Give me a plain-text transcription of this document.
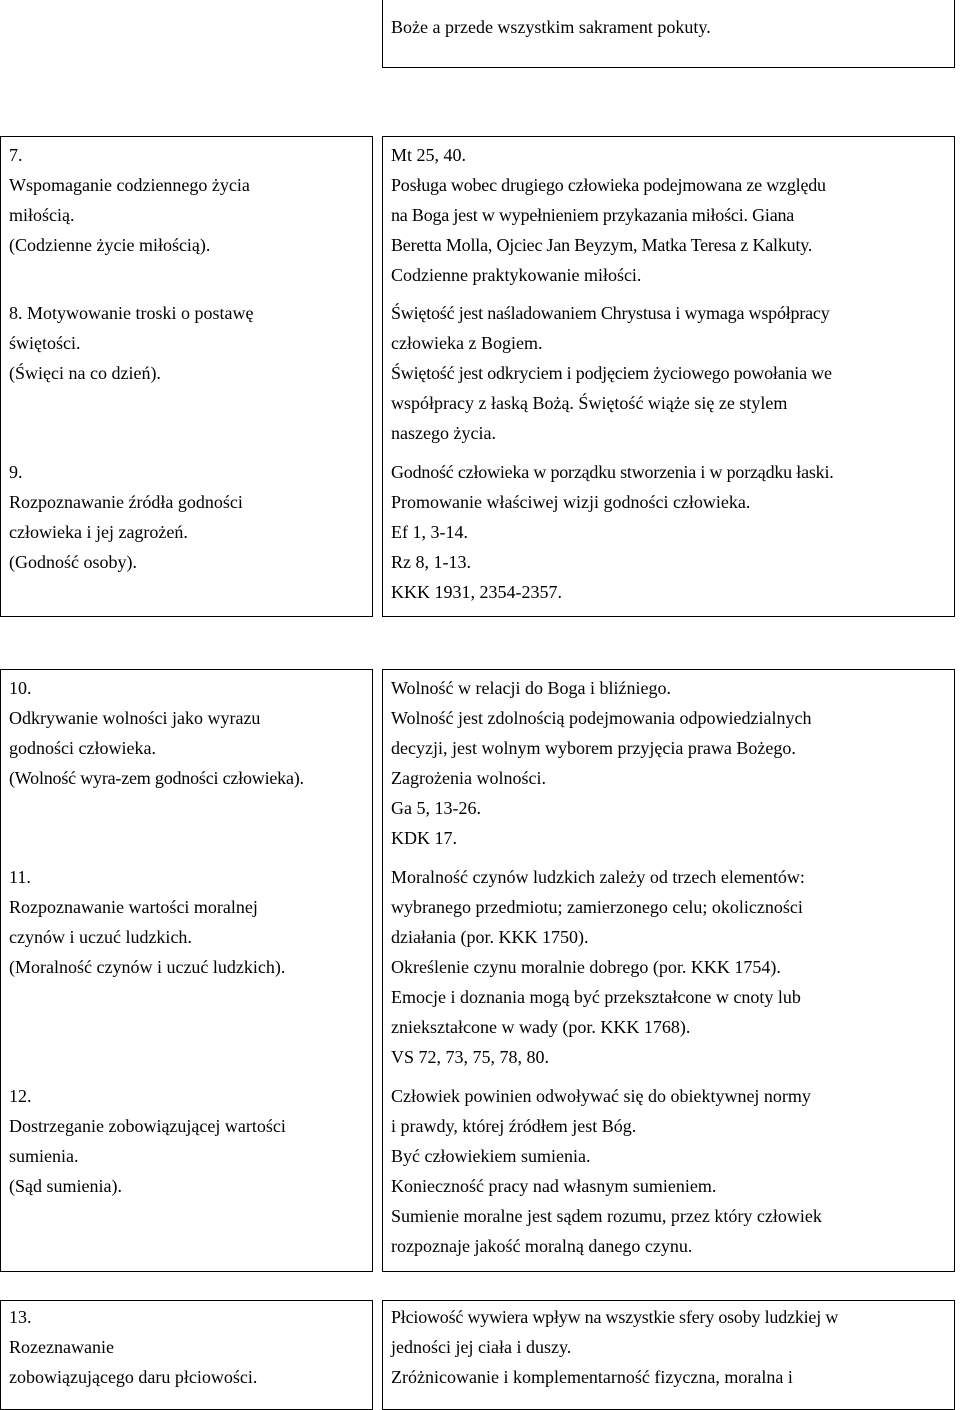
Boże a przede wszystkim sakrament pokuty.
7.
Wspomaganie codziennego życia
miłością.
(Codzienne życie miłością).
Mt 25, 40.
Posługa wobec drugiego człowieka podejmowana ze względu
na Boga jest w wypełnieniem przykazania miłości. Giana
Beretta Molla, Ojciec Jan Beyzym, Matka Teresa z Kalkuty.
Codzienne praktykowanie miłości.
8. Motywowanie troski o postawę
świętości.
(Święci na co dzień).
Świętość jest naśladowaniem Chrystusa i wymaga współpracy
człowieka z Bogiem.
Świętość jest odkryciem i podjęciem życiowego powołania we
współpracy z łaską Bożą. Świętość wiąże się ze stylem
naszego życia.
9.
Rozpoznawanie źródła godności
człowieka i jej zagrożeń.
(Godność osoby).
Godność człowieka w porządku stworzenia i w porządku łaski.
Promowanie właściwej wizji godności człowieka.
Ef 1, 3-14.
Rz 8, 1-13.
KKK 1931, 2354-2357.
10.
Odkrywanie wolności jako wyrazu
godności człowieka.
(Wolność wyra-zem godności człowieka).
Wolność w relacji do Boga i bliźniego.
Wolność jest zdolnością podejmowania odpowiedzialnych
decyzji, jest wolnym wyborem przyjęcia prawa Bożego.
Zagrożenia wolności.
Ga 5, 13-26.
KDK 17.
11.
Rozpoznawanie wartości moralnej
czynów i uczuć ludzkich.
(Moralność czynów i uczuć ludzkich).
Moralność czynów ludzkich zależy od trzech elementów:
wybranego przedmiotu; zamierzonego celu; okoliczności
działania (por. KKK 1750).
Określenie czynu moralnie dobrego (por. KKK 1754).
Emocje i doznania mogą być przekształcone w cnoty lub
zniekształcone w wady (por. KKK 1768).
VS 72, 73, 75, 78, 80.
12.
Dostrzeganie zobowiązującej wartości
sumienia.
(Sąd sumienia).
Człowiek powinien odwoływać się do obiektywnej normy
i prawdy, której źródłem jest Bóg.
Być człowiekiem sumienia.
Konieczność pracy nad własnym sumieniem.
Sumienie moralne jest sądem rozumu, przez który człowiek
rozpoznaje jakość moralną danego czynu.
13.
Rozeznawanie
zobowiązującego daru płciowości.
Płciowość wywiera wpływ na wszystkie sfery osoby ludzkiej w
jedności jej ciała i duszy.
Zróżnicowanie i komplementarność fizyczna, moralna i
